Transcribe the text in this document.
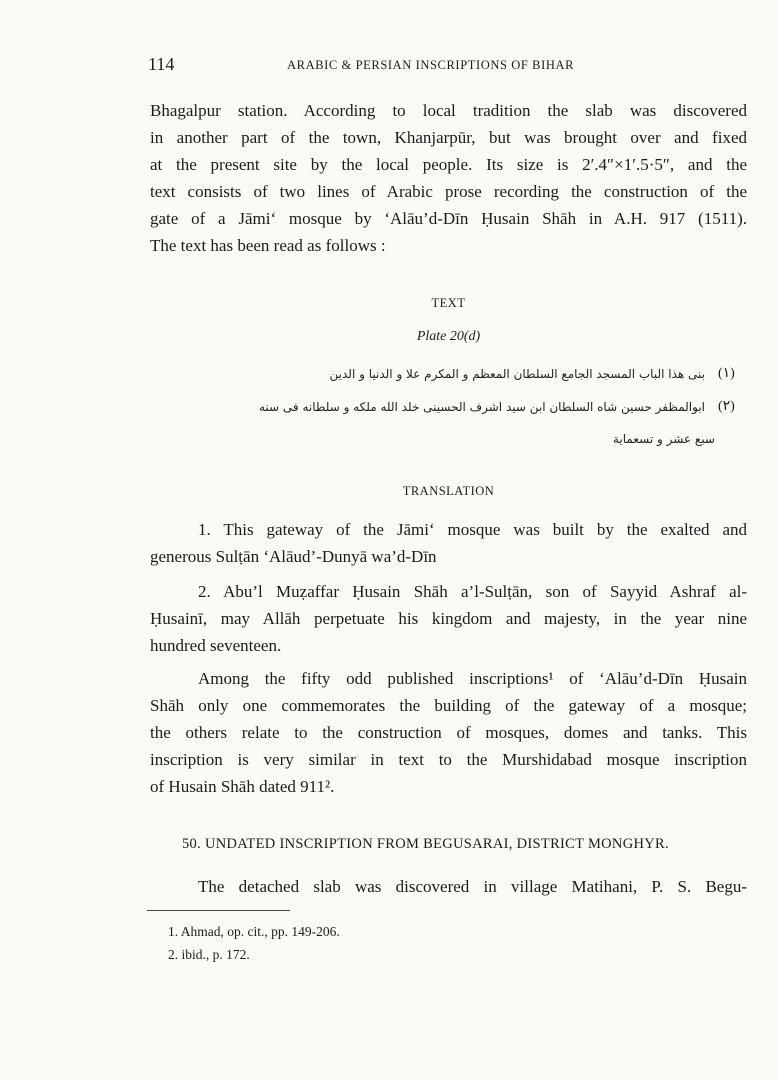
114	ARABIC & PERSIAN INSCRIPTIONS OF BIHAR
Bhagalpur station. According to local tradition the slab was discovered
in another part of the town, Khanjarpūr, but was brought over and fixed
at the present site by the local people. Its size is 2′.4″×1′.5·5″, and the
text consists of two lines of Arabic prose recording the construction of the
gate of a Jāmi‘ mosque by ‘Alāu’d-Dīn Ḥusain Shāh in A.H. 917 (1511).
The text has been read as follows :
TEXT
Plate 20(d)
(۱)
بنی هذا الباب المسجد الجامع السلطان المعظم و المکرم علا و الدنيا و الدين
(۲)
ابوالمظفر حسين شاه السلطان ابن سيد اشرف الحسينی خلد الله ملکه و سلطانه فی سنه
سبع عشر و تسعماية
TRANSLATION
1. This gateway of the Jāmi‘ mosque was built by the exalted and
generous Sulṭān ‘Alāud’-Dunyā wa’d-Dīn
2. Abu’l Muẓaffar Ḥusain Shāh a’l-Sulṭān, son of Sayyid Ashraf al-
Ḥusainī, may Allāh perpetuate his kingdom and majesty, in the year nine
hundred seventeen.
Among the fifty odd published inscriptions¹ of ‘Alāu’d-Dīn Ḥusain
Shāh only one commemorates the building of the gateway of a mosque;
the others relate to the construction of mosques, domes and tanks. This
inscription is very similar in text to the Murshidabad mosque inscription
of Husain Shāh dated 911².
50. UNDATED INSCRIPTION FROM BEGUSARAI, DISTRICT MONGHYR.
The detached slab was discovered in village Matihani, P. S. Begu-
1. Ahmad, op. cit., pp. 149-206.
2. ibid., p. 172.
